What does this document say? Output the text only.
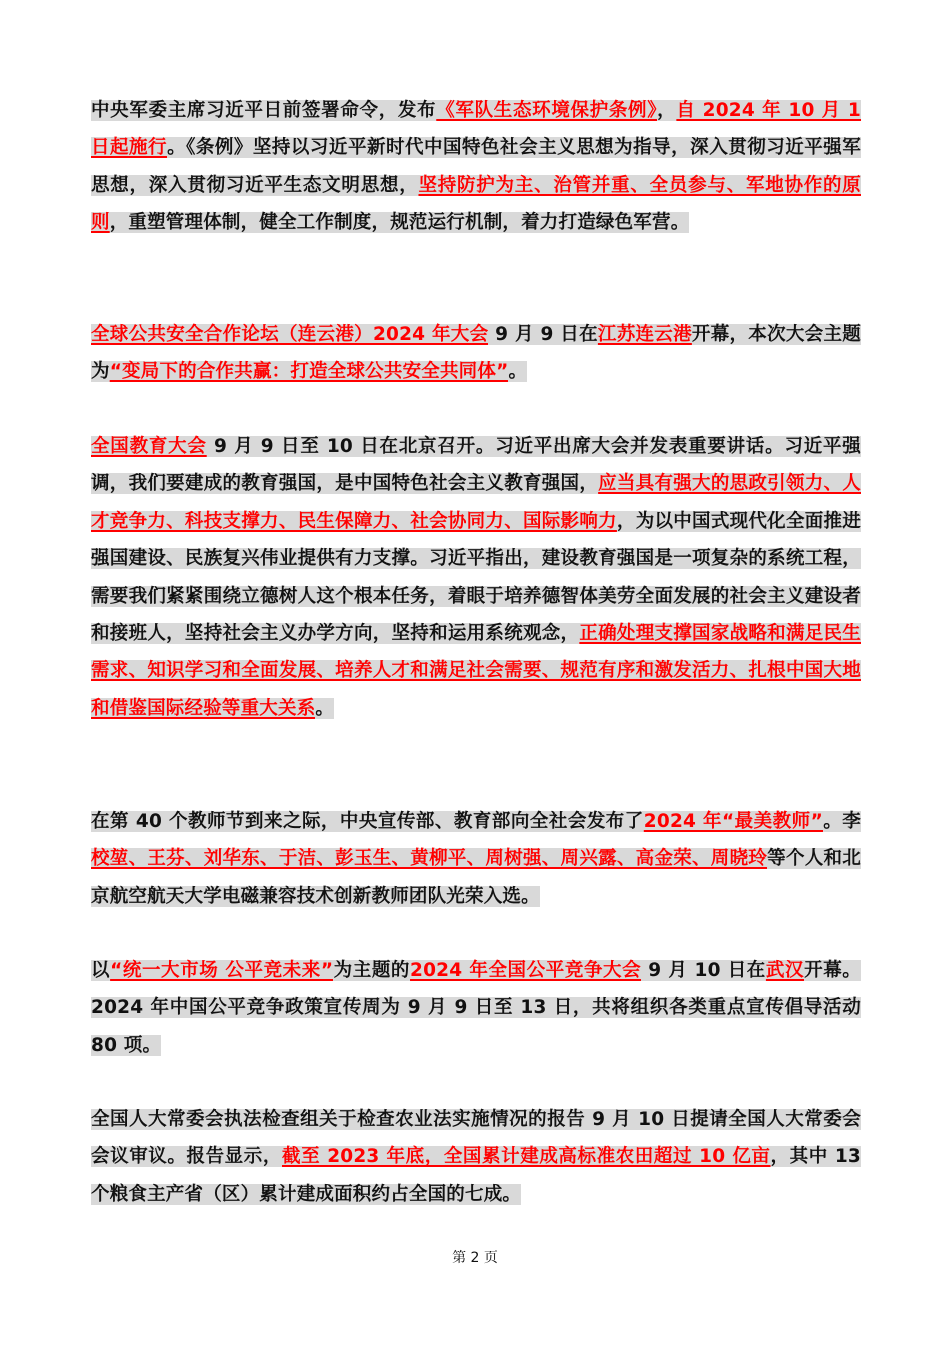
中央军委主席习近平日前签署命令，发布《军队生态环境保护条例》，自 2024 年 10 月 1 日起施行。《条例》坚持以习近平新时代中国特色社会主义思想为指导，深入贯彻习近平强军思想，深入贯彻习近平生态文明思想，坚持防护为主、治管并重、全员参与、军地协作的原则，重塑管理体制，健全工作制度，规范运行机制，着力打造绿色军营。

全球公共安全合作论坛（连云港）2024 年大会 9 月 9 日在江苏连云港开幕，本次大会主题为“变局下的合作共赢：打造全球公共安全共同体”。

全国教育大会 9 月 9 日至 10 日在北京召开。习近平出席大会并发表重要讲话。习近平强调，我们要建成的教育强国，是中国特色社会主义教育强国，应当具有强大的思政引领力、人才竞争力、科技支撑力、民生保障力、社会协同力、国际影响力，为以中国式现代化全面推进强国建设、民族复兴伟业提供有力支撑。习近平指出，建设教育强国是一项复杂的系统工程，需要我们紧紧围绕立德树人这个根本任务，着眼于培养德智体美劳全面发展的社会主义建设者和接班人，坚持社会主义办学方向，坚持和运用系统观念，正确处理支撑国家战略和满足民生需求、知识学习和全面发展、培养人才和满足社会需要、规范有序和激发活力、扎根中国大地和借鉴国际经验等重大关系。

在第 40 个教师节到来之际，中央宣传部、教育部向全社会发布了2024 年“最美教师”。李校堃、王芬、刘华东、于洁、彭玉生、黄柳平、周树强、周兴露、高金荣、周晓玲等个人和北京航空航天大学电磁兼容技术创新教师团队光荣入选。

以“统一大市场 公平竞未来”为主题的2024 年全国公平竞争大会 9 月 10 日在武汉开幕。2024 年中国公平竞争政策宣传周为 9 月 9 日至 13 日，共将组织各类重点宣传倡导活动 80 项。

全国人大常委会执法检查组关于检查农业法实施情况的报告 9 月 10 日提请全国人大常委会会议审议。报告显示，截至 2023 年底，全国累计建成高标准农田超过 10 亿亩，其中 13 个粮食主产省（区）累计建成面积约占全国的七成。

第 2 页
